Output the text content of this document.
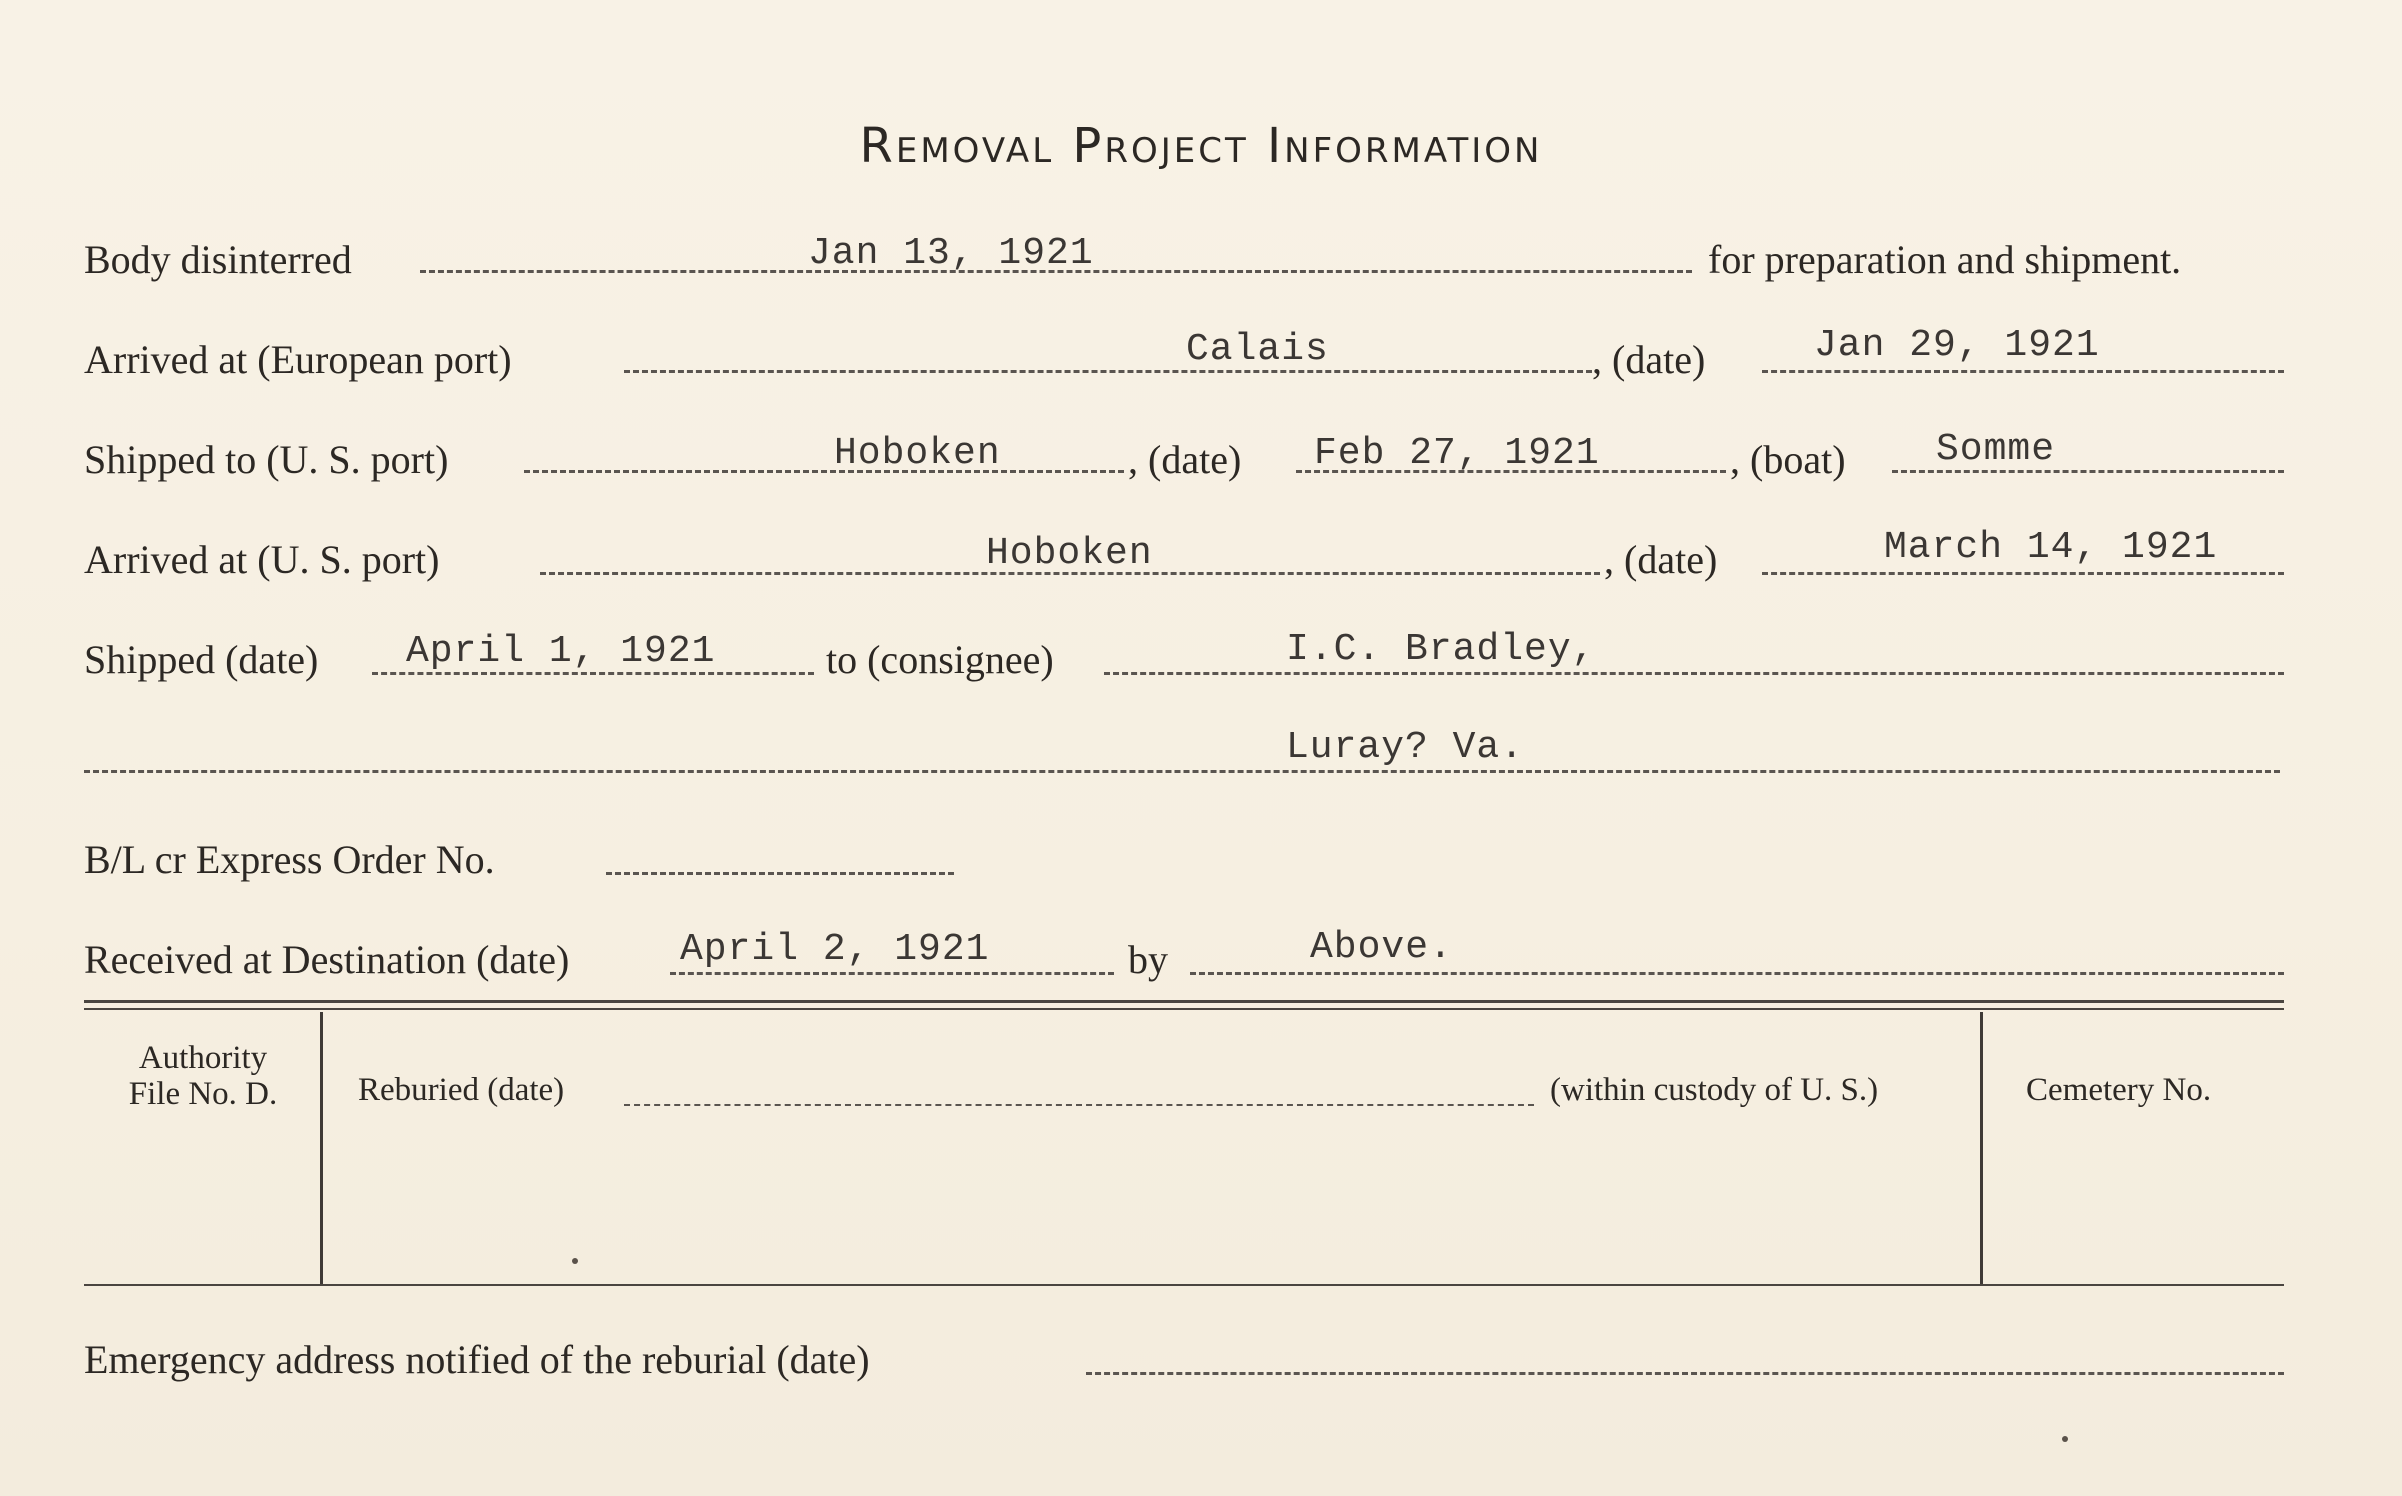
Removal Project Information
Body disinterred	Jan 13, 1921	for preparation and shipment.
Arrived at (European port)	Calais	, (date)	Jan 29, 1921
Shipped to (U. S. port)	Hoboken	, (date) Feb 27, 1921	, (boat) Somme
Arrived at (U. S. port)	Hoboken	, (date)	March 14, 1921
Shipped (date) April 1, 1921	to (consignee)	I.C. Bradley,
Luray? Va.
B/L cr Express Order No.
Received at Destination (date)	April 2, 1921	by	Above.
Authority
File No. D.	Reburied (date)	(within custody of U. S.)	Cemetery No.
Emergency address notified of the reburial (date)
